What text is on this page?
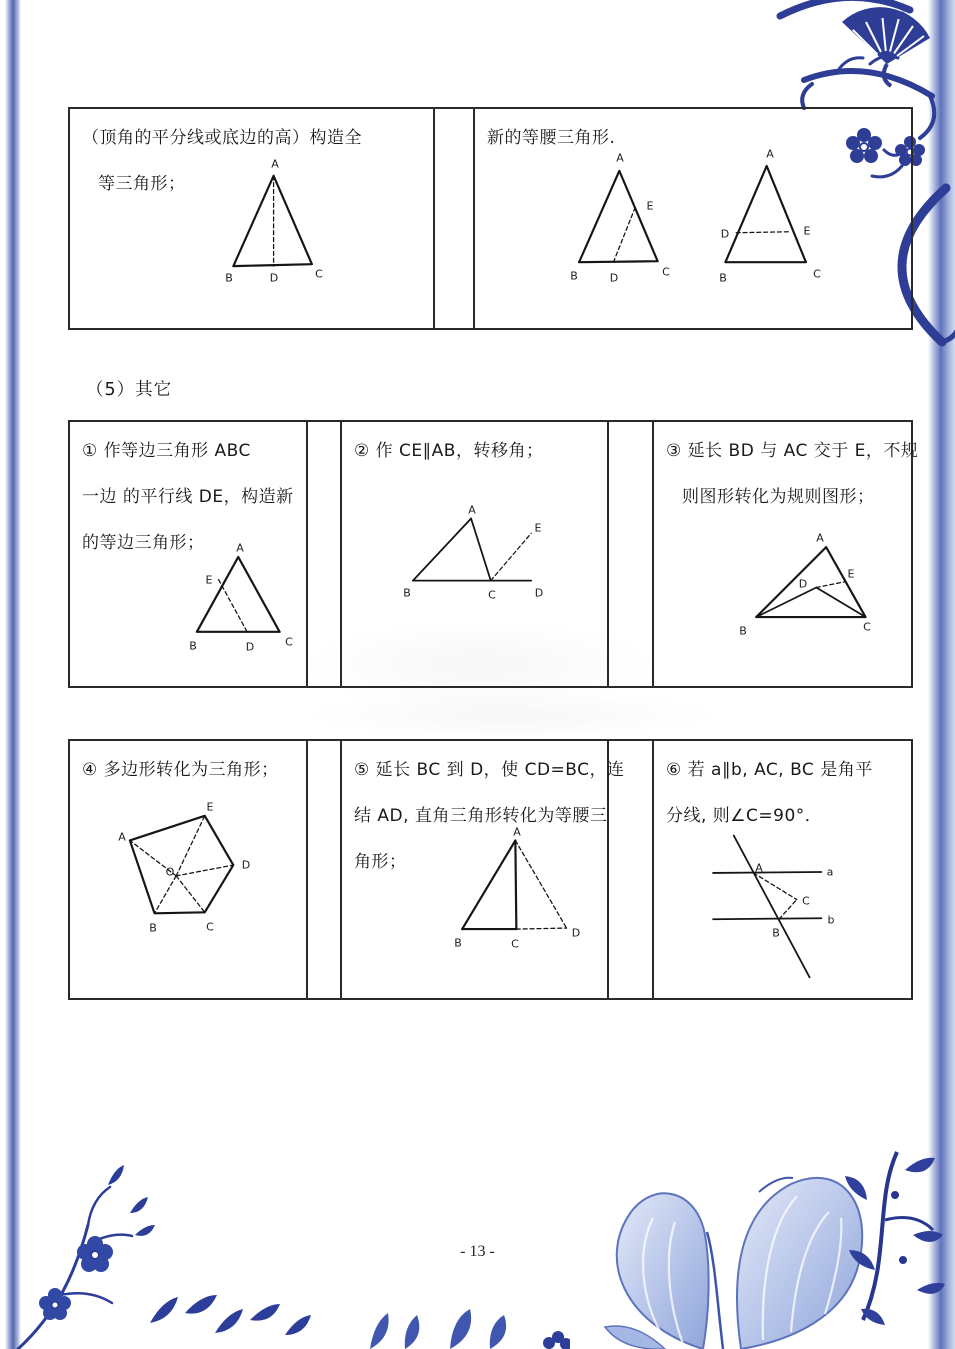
（顶角的平分线或底边的高）构造全
等三角形；
A
B	C
D
新的等腰三角形.
A
B	C
D
E
A
B	C
D	E
（5）其它
① 作等边三角形 ABC
一边 的平行线 DE，构造新
的等边三角形；	A
B	C
D
E
② 作 CE∥AB，转移角；
A
B	C	D
E
③ 延长 BD 与 AC 交于 E，不规
则图形转化为规则图形；
A
B	C
D
E
④ 多边形转化为三角形；
A
B	C
D
E
O
⑤ 延长 BC 到 D，使 CD=BC，连
结 AD, 直角三角形转化为等腰三
角形；
A
B	C
D
⑥ 若 a∥b, AC, BC 是角平
分线, 则∠C=90°．
A
B
C
a
b
- 13 -
